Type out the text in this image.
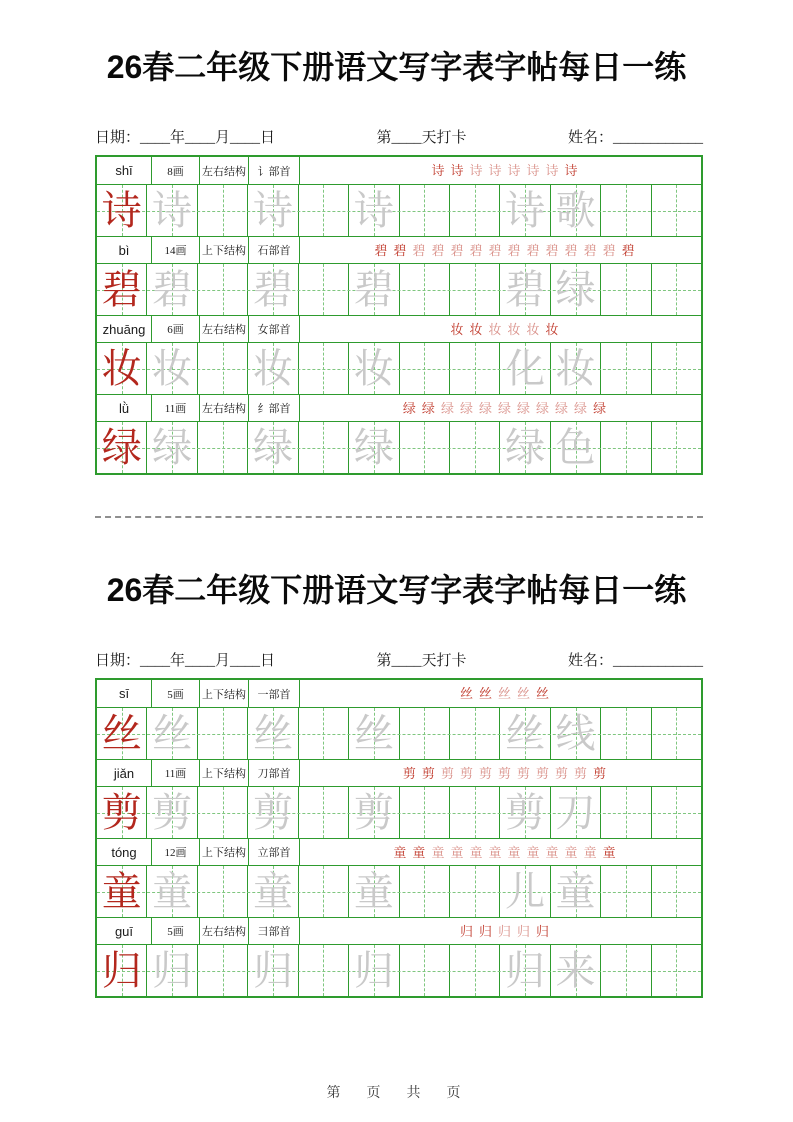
26春二年级下册语文写字表字帖每日一练
日期：____年____月____日	第____天打卡	姓名：____________
shī	8画	左右结构	讠部首	诗 诗 诗 诗 诗 诗 诗 诗
诗 诗 诗 诗	诗 歌
bì	14画	上下结构	石部首	碧 碧 碧 碧 碧 碧 碧 碧 碧 碧 碧 碧 碧 碧
碧 碧 碧 碧	碧 绿
zhuāng	6画	左右结构	女部首	妆 妆 妆 妆 妆 妆
妆 妆 妆 妆	化 妆
lǜ	11画	左右结构	纟部首	绿 绿 绿 绿 绿 绿 绿 绿 绿 绿 绿
绿 绿 绿 绿	绿 色
26春二年级下册语文写字表字帖每日一练
日期：____年____月____日	第____天打卡	姓名：____________
sī	5画	上下结构	一部首	丝 丝 丝 丝 丝
丝 丝 丝 丝	丝 线
jiǎn	11画	上下结构	刀部首	剪 剪 剪 剪 剪 剪 剪 剪 剪 剪 剪
剪 剪 剪 剪	剪 刀
tóng	12画	上下结构	立部首	童 童 童 童 童 童 童 童 童 童 童 童
童 童 童 童	儿 童
guī	5画	左右结构	彐部首	归 归 归 归 归
归 归 归 归	归 来
第　页　共　页
